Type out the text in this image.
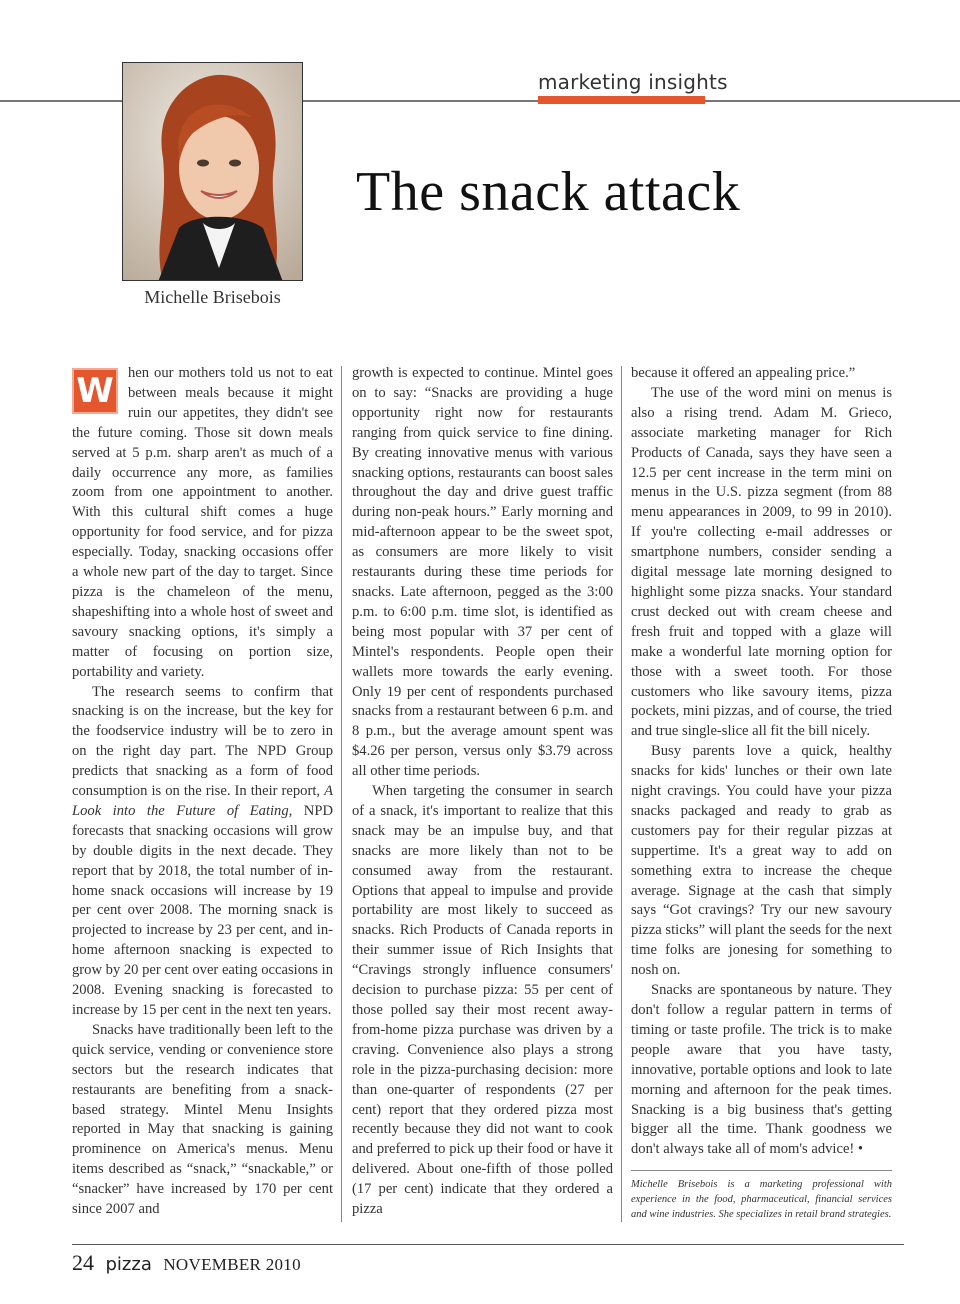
marketing insights
Michelle Brisebois
The snack attack

W hen our mothers told us not to eat between meals because it might ruin our appetites, they didn't see the future coming. Those sit down meals served at 5 p.m. sharp aren't as much of a daily occurrence any more, as families zoom from one appointment to another. With this cultural shift comes a huge opportunity for food service, and for pizza especially. Today, snacking occasions offer a whole new part of the day to target. Since pizza is the chameleon of the menu, shapeshifting into a whole host of sweet and savoury snacking options, it's simply a matter of focusing on portion size, portability and variety.

The research seems to confirm that snacking is on the increase, but the key for the foodservice industry will be to zero in on the right day part. The NPD Group predicts that snacking as a form of food consumption is on the rise. In their report, A Look into the Future of Eating, NPD forecasts that snacking occasions will grow by double digits in the next decade. They report that by 2018, the total number of in-home snack occasions will increase by 19 per cent over 2008. The morning snack is projected to increase by 23 per cent, and in-home afternoon snacking is expected to grow by 20 per cent over eating occasions in 2008. Evening snacking is forecasted to increase by 15 per cent in the next ten years.

Snacks have traditionally been left to the quick service, vending or convenience store sectors but the research indicates that restaurants are benefiting from a snack-based strategy. Mintel Menu Insights reported in May that snacking is gaining prominence on America's menus. Menu items described as “snack,” “snackable,” or “snacker” have increased by 170 per cent since 2007 and

growth is expected to continue. Mintel goes on to say: “Snacks are providing a huge opportunity right now for restaurants ranging from quick service to fine dining. By creating innovative menus with various snacking options, restaurants can boost sales throughout the day and drive guest traffic during non-peak hours.” Early morning and mid-afternoon appear to be the sweet spot, as consumers are more likely to visit restaurants during these time periods for snacks. Late afternoon, pegged as the 3:00 p.m. to 6:00 p.m. time slot, is identified as being most popular with 37 per cent of Mintel's respondents. People open their wallets more towards the early evening. Only 19 per cent of respondents purchased snacks from a restaurant between 6 p.m. and 8 p.m., but the average amount spent was $4.26 per person, versus only $3.79 across all other time periods.

When targeting the consumer in search of a snack, it's important to realize that this snack may be an impulse buy, and that snacks are more likely than not to be consumed away from the restaurant. Options that appeal to impulse and provide portability are most likely to succeed as snacks. Rich Products of Canada reports in their summer issue of Rich Insights that “Cravings strongly influence consumers' decision to purchase pizza: 55 per cent of those polled say their most recent away-from-home pizza purchase was driven by a craving. Convenience also plays a strong role in the pizza-purchasing decision: more than one-quarter of respondents (27 per cent) report that they ordered pizza most recently because they did not want to cook and preferred to pick up their food or have it delivered. About one-fifth of those polled (17 per cent) indicate that they ordered a pizza

because it offered an appealing price.”

The use of the word mini on menus is also a rising trend. Adam M. Grieco, associate marketing manager for Rich Products of Canada, says they have seen a 12.5 per cent increase in the term mini on menus in the U.S. pizza segment (from 88 menu appearances in 2009, to 99 in 2010). If you're collecting e-mail addresses or smartphone numbers, consider sending a digital message late morning designed to highlight some pizza snacks. Your standard crust decked out with cream cheese and fresh fruit and topped with a glaze will make a wonderful late morning option for those with a sweet tooth. For those customers who like savoury items, pizza pockets, mini pizzas, and of course, the tried and true single-slice all fit the bill nicely.

Busy parents love a quick, healthy snacks for kids' lunches or their own late night cravings. You could have your pizza snacks packaged and ready to grab as customers pay for their regular pizzas at suppertime. It's a great way to add on something extra to increase the cheque average. Signage at the cash that simply says “Got cravings? Try our new savoury pizza sticks” will plant the seeds for the next time folks are jonesing for something to nosh on.

Snacks are spontaneous by nature. They don't follow a regular pattern in terms of timing or taste profile. The trick is to make people aware that you have tasty, innovative, portable options and look to late morning and afternoon for the peak times. Snacking is a big business that's getting bigger all the time. Thank goodness we don't always take all of mom's advice! •

Michelle Brisebois is a marketing professional with experience in the food, pharmaceutical, financial services and wine industries. She specializes in retail brand strategies.

24 pizza NOVEMBER 2010
